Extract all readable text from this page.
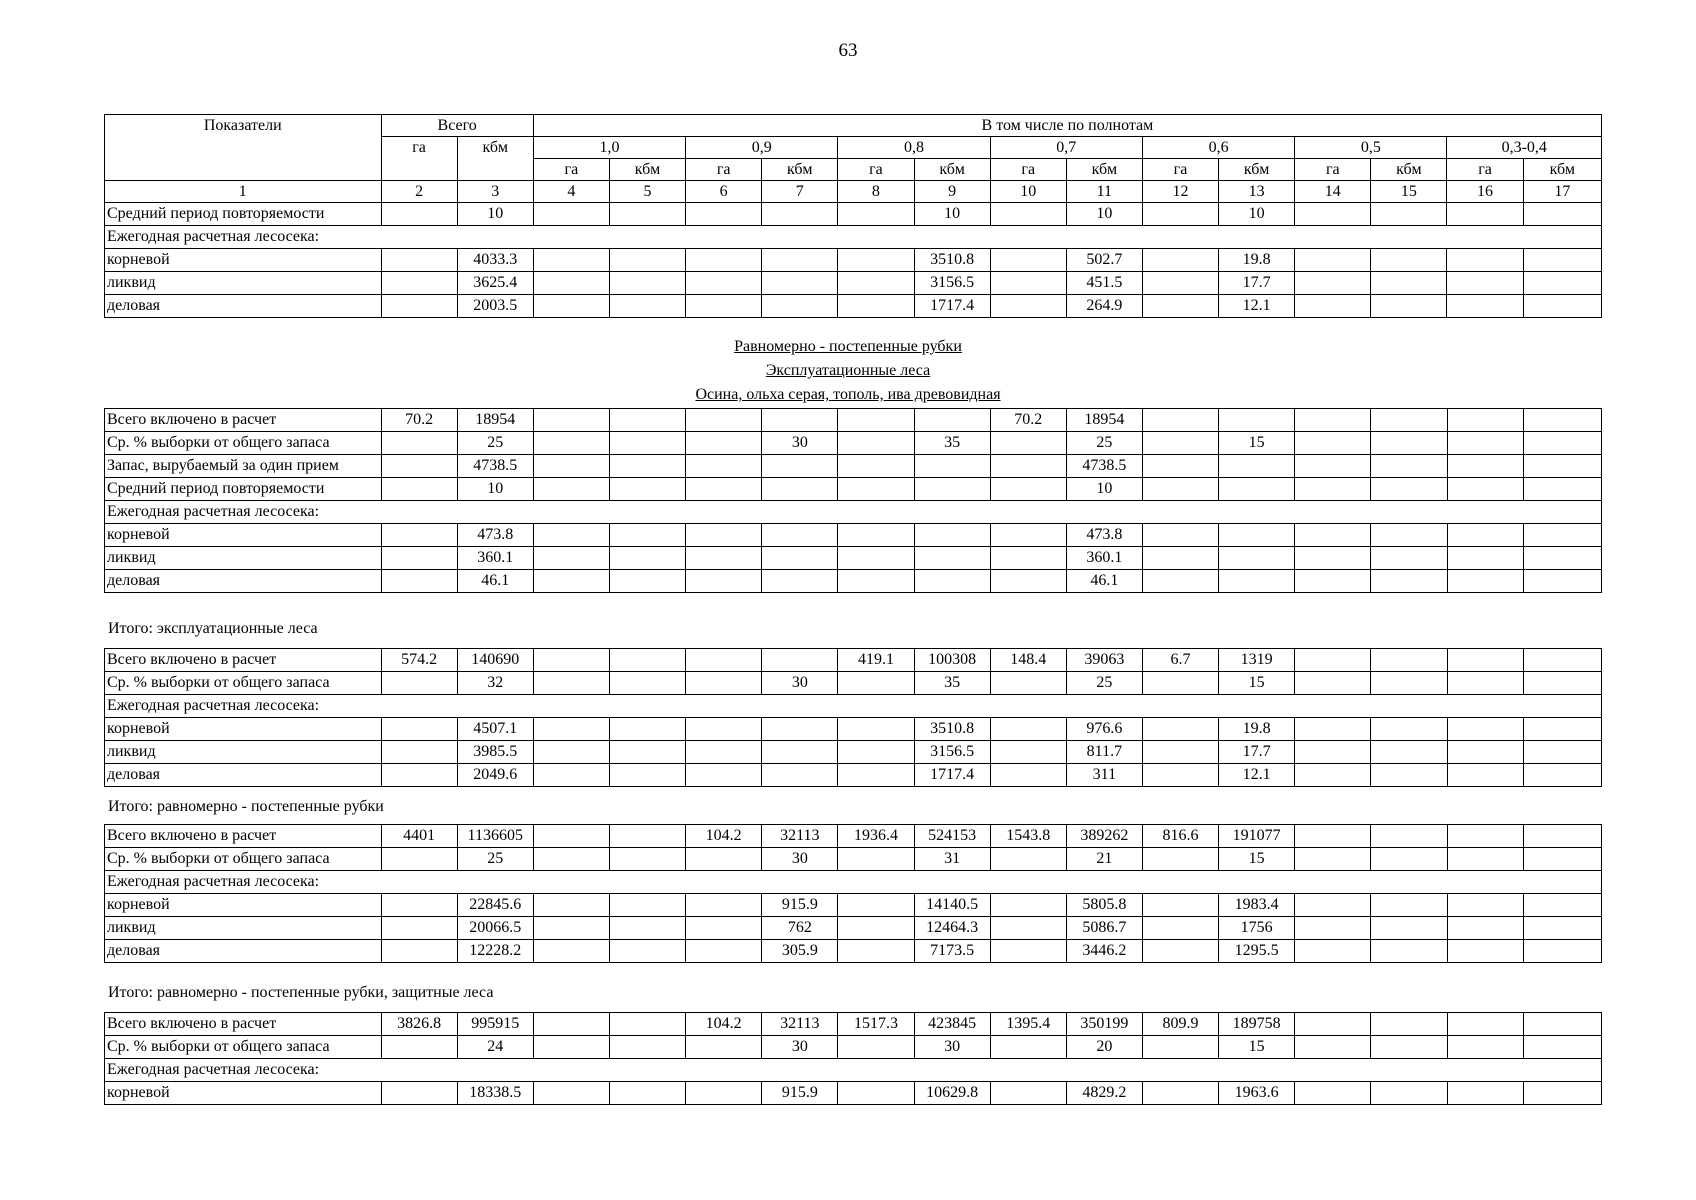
63
Показатели	Всего		В том числе по полнотам													
	га	кбм	1,0		0,9		0,8		0,7		0,6		0,5		0,3-0,4	
			га	кбм	га	кбм	га	кбм	га	кбм	га	кбм	га	кбм	га	кбм
1	2	3	4	5	6	7	8	9	10	11	12	13	14	15	16	17
Средний период повторяемости		10						10		10		10				
Ежегодная расчетная лесосека:																
корневой		4033.3						3510.8		502.7		19.8				
ликвид		3625.4						3156.5		451.5		17.7				
деловая		2003.5						1717.4		264.9		12.1				
Равномерно - постепенные рубки
Эксплуатационные леса
Осина, ольха серая, тополь, ива древовидная
Всего включено в расчет	70.2	18954							70.2	18954						
Ср. % выборки от общего запаса		25				30		35		25		15				
Запас, вырубаемый за один прием		4738.5								4738.5						
Средний период повторяемости		10								10						
Ежегодная расчетная лесосека:																
корневой		473.8								473.8						
ликвид		360.1								360.1						
деловая		46.1								46.1						
Итого: эксплуатационные леса
Всего включено в расчет	574.2	140690					419.1	100308	148.4	39063	6.7	1319				
Ср. % выборки от общего запаса		32				30		35		25		15				
Ежегодная расчетная лесосека:																
корневой		4507.1						3510.8		976.6		19.8				
ликвид		3985.5						3156.5		811.7		17.7				
деловая		2049.6						1717.4		311		12.1				
Итого: равномерно - постепенные рубки
Всего включено в расчет	4401	1136605			104.2	32113	1936.4	524153	1543.8	389262	816.6	191077				
Ср. % выборки от общего запаса		25				30		31		21		15				
Ежегодная расчетная лесосека:																
корневой		22845.6				915.9		14140.5		5805.8		1983.4				
ликвид		20066.5				762		12464.3		5086.7		1756				
деловая		12228.2				305.9		7173.5		3446.2		1295.5				
Итого: равномерно - постепенные рубки, защитные леса
Всего включено в расчет	3826.8	995915			104.2	32113	1517.3	423845	1395.4	350199	809.9	189758				
Ср. % выборки от общего запаса		24				30		30		20		15				
Ежегодная расчетная лесосека:																
корневой		18338.5				915.9		10629.8		4829.2		1963.6				
